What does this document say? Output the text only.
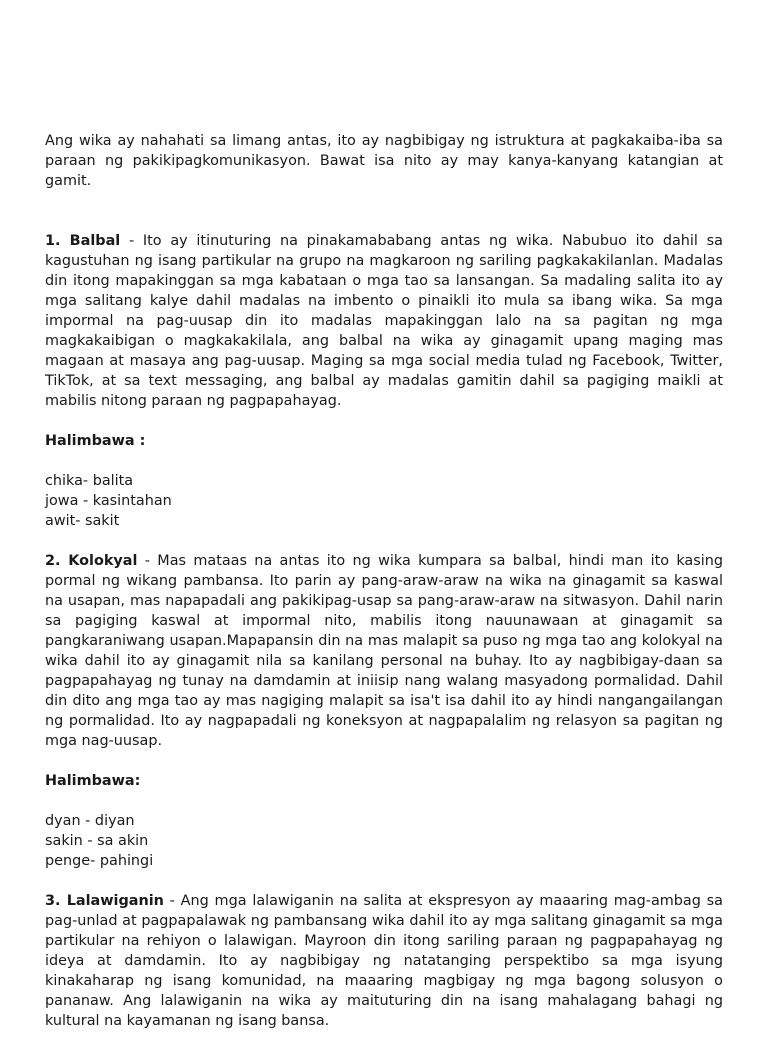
Ang wika ay nahahati sa limang antas, ito ay nagbibigay ng istruktura at pagkakaiba-iba sa paraan ng pakikipagkomunikasyon. Bawat isa nito ay may kanya-kanyang katangian at gamit.

1. Balbal - Ito ay itinuturing na pinakamababang antas ng wika. Nabubuo ito dahil sa kagustuhan ng isang partikular na grupo na magkaroon ng sariling pagkakakilanlan. Madalas din itong mapakinggan sa mga kabataan o mga tao sa lansangan. Sa madaling salita ito ay mga salitang kalye dahil madalas na imbento o pinaikli ito mula sa ibang wika. Sa mga impormal na pag-uusap din ito madalas mapakinggan lalo na sa pagitan ng mga magkakaibigan o magkakakilala, ang balbal na wika ay ginagamit upang maging mas magaan at masaya ang pag-uusap. Maging sa mga social media tulad ng Facebook, Twitter, TikTok, at sa text messaging, ang balbal ay madalas gamitin dahil sa pagiging maikli at mabilis nitong paraan ng pagpapahayag.

Halimbawa :

chika- balita
jowa - kasintahan
awit- sakit

2. Kolokyal - Mas mataas na antas ito ng wika kumpara sa balbal, hindi man ito kasing pormal ng wikang pambansa. Ito parin ay pang-araw-araw na wika na ginagamit sa kaswal na usapan, mas napapadali ang pakikipag-usap sa pang-araw-araw na sitwasyon. Dahil narin sa pagiging kaswal at impormal nito, mabilis itong nauunawaan at ginagamit sa pangkaraniwang usapan.Mapapansin din na mas malapit sa puso ng mga tao ang kolokyal na wika dahil ito ay ginagamit nila sa kanilang personal na buhay. Ito ay nagbibigay-daan sa pagpapahayag ng tunay na damdamin at iniisip nang walang masyadong pormalidad. Dahil din dito ang mga tao ay mas nagiging malapit sa isa't isa dahil ito ay hindi nangangailangan ng pormalidad. Ito ay nagpapadali ng koneksyon at nagpapalalim ng relasyon sa pagitan ng mga nag-uusap.

Halimbawa:

dyan - diyan
sakin - sa akin
penge- pahingi

3. Lalawiganin - Ang mga lalawiganin na salita at ekspresyon ay maaaring mag-ambag sa pag-unlad at pagpapalawak ng pambansang wika dahil ito ay mga salitang ginagamit sa mga partikular na rehiyon o lalawigan. Mayroon din itong sariling paraan ng pagpapahayag ng ideya at damdamin. Ito ay nagbibigay ng natatanging perspektibo sa mga isyung kinakaharap ng isang komunidad, na maaaring magbigay ng mga bagong solusyon o pananaw. Ang lalawiganin na wika ay maituturing din na isang mahalagang bahagi ng kultural na kayamanan ng isang bansa.
